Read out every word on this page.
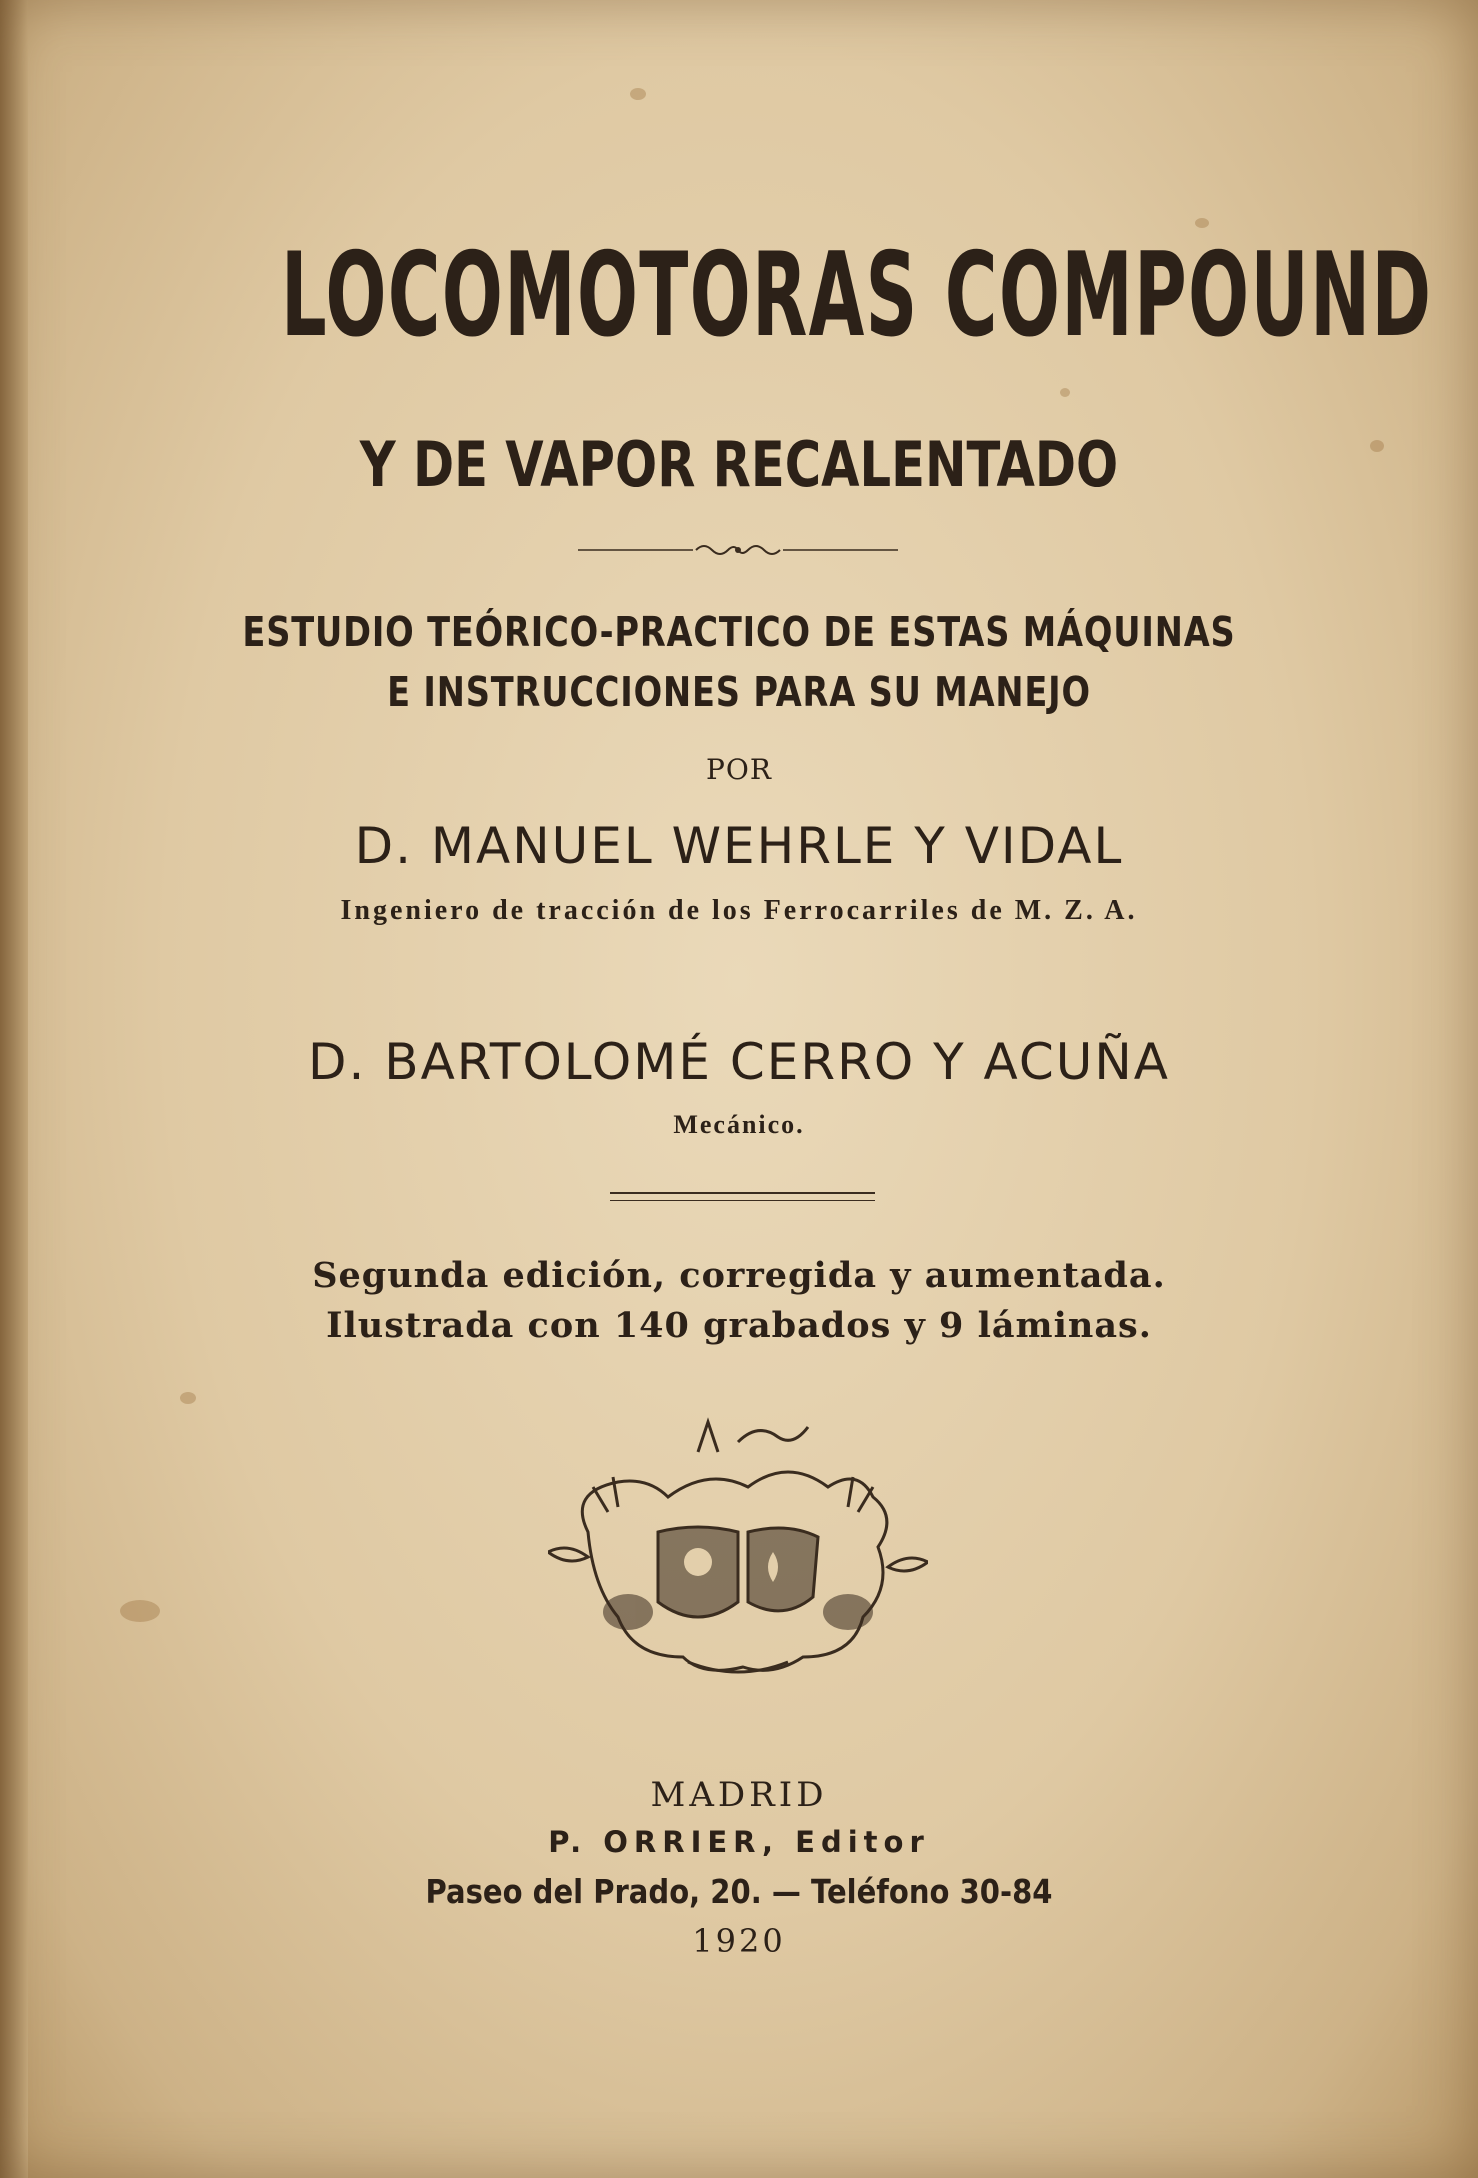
LOCOMOTORAS COMPOUND
Y DE VAPOR RECALENTADO
ESTUDIO TEÓRICO-PRACTICO DE ESTAS MÁQUINAS
E INSTRUCCIONES PARA SU MANEJO
POR
D. MANUEL WEHRLE Y VIDAL
Ingeniero de tracción de los Ferrocarriles de M. Z. A.
D. BARTOLOMÉ CERRO Y ACUÑA
Mecánico.
Segunda edición, corregida y aumentada.
Ilustrada con 140 grabados y 9 láminas.
MADRID
P. ORRIER, Editor
Paseo del Prado, 20. — Teléfono 30-84
1920
